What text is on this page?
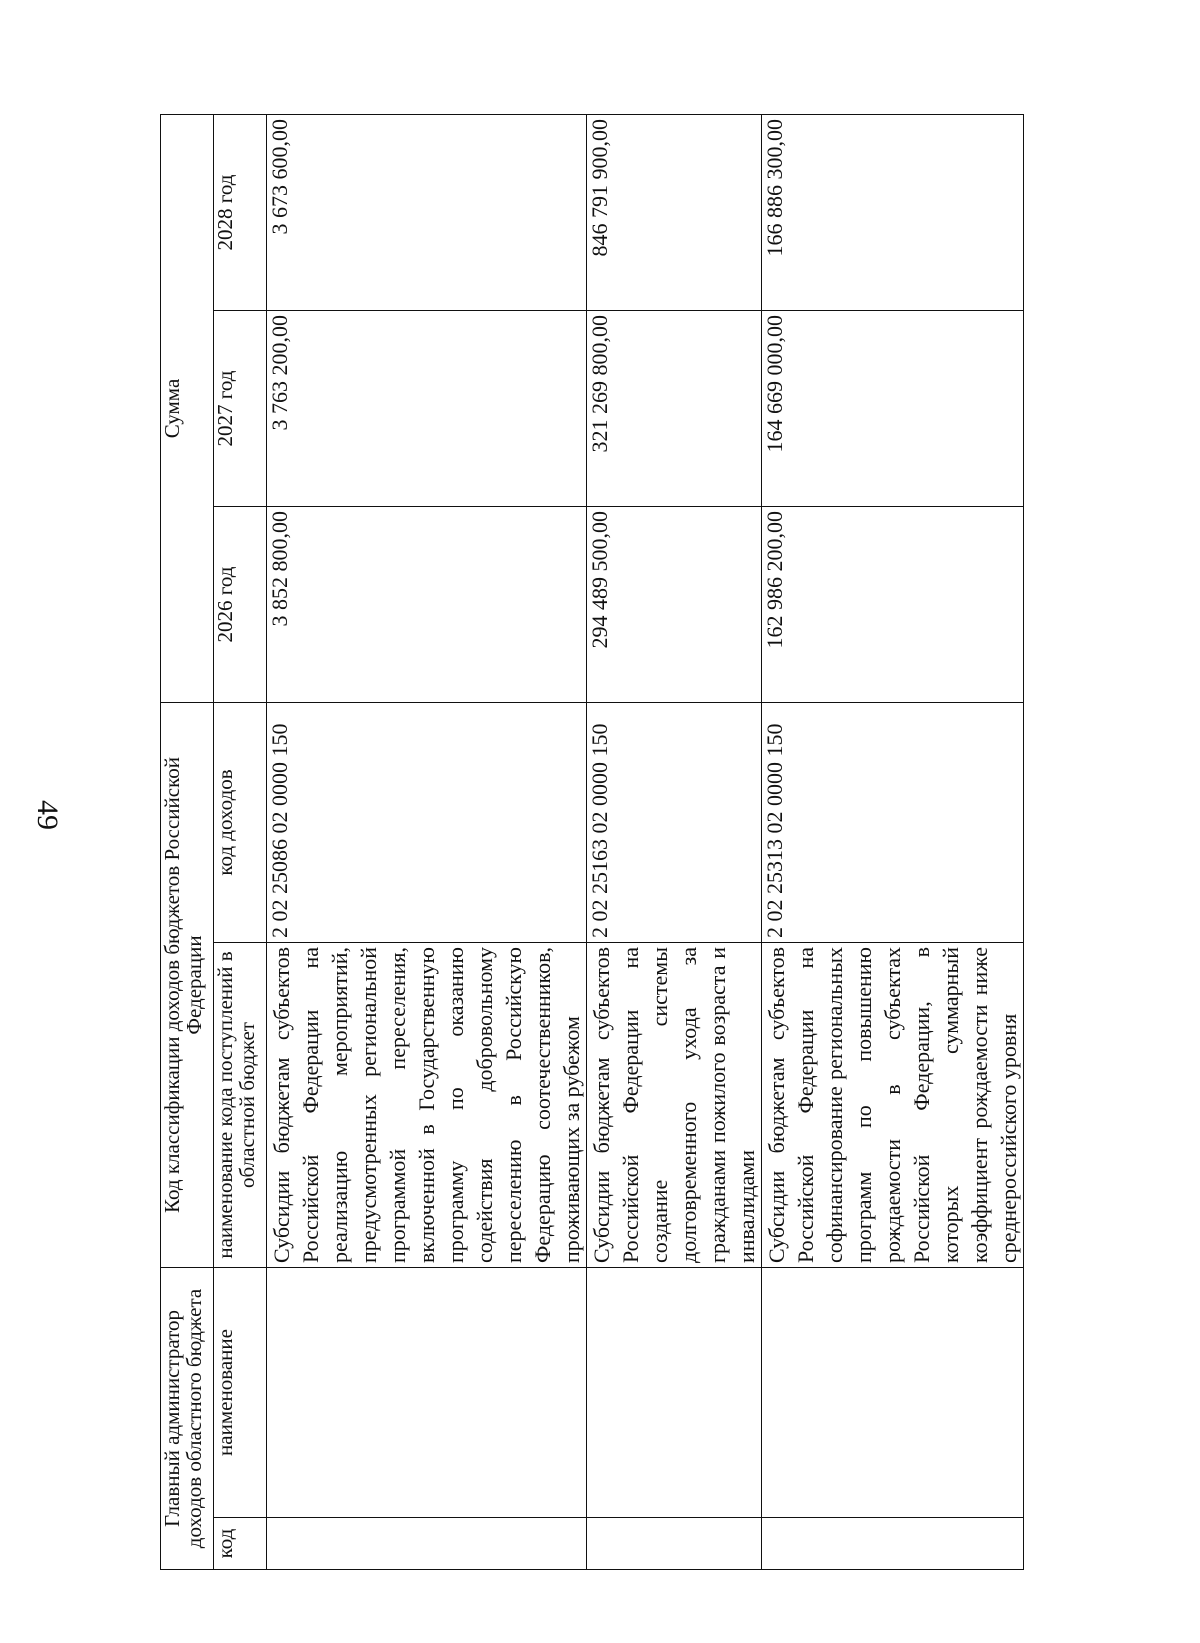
49
Главный администратор доходов областного бюджета		Код классификации доходов бюджетов Российской Федерации		Сумма		
код	наименование	наименование кода поступлений в областной бюджет	код доходов	2026 год	2027 год	2028 год
		Субсидии бюджетам субъектов Российской Федерации на реализацию мероприятий, предусмотренных региональной программой переселения, включенной в Государственную программу по оказанию содействия добровольному переселению в Российскую Федерацию соотечественников, проживающих за рубежом	2 02 25086 02 0000 150	3 852 800,00	3 763 200,00	3 673 600,00
		Субсидии бюджетам субъектов Российской Федерации на создание системы долговременного ухода за гражданами пожилого возраста и инвалидами	2 02 25163 02 0000 150	294 489 500,00	321 269 800,00	846 791 900,00
		Субсидии бюджетам субъектов Российской Федерации на софинансирование региональных программ по повышению рождаемости в субъектах Российской Федерации, в которых суммарный коэффициент рождаемости ниже среднероссийского уровня	2 02 25313 02 0000 150	162 986 200,00	164 669 000,00	166 886 300,00
